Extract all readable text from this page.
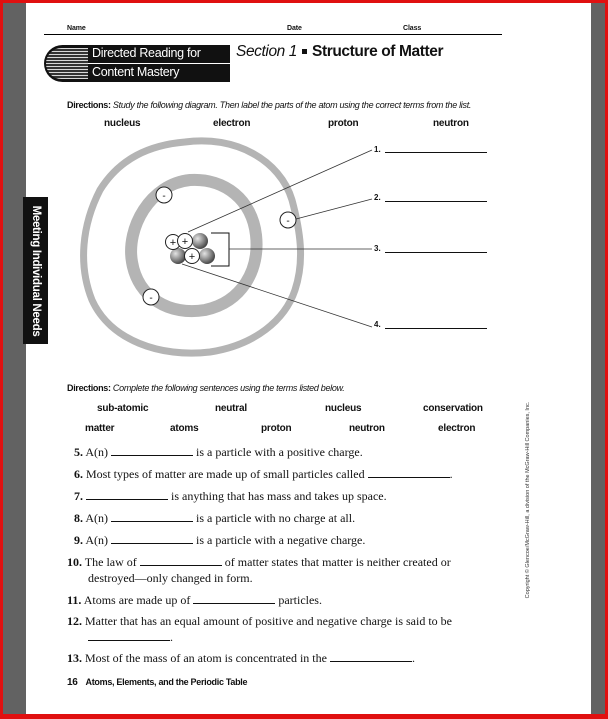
Name	Date	Class
Directed Reading for
Content Mastery
Section 1 Structure of Matter
Meeting Individual Needs
Directions: Study the following diagram. Then label the parts of the atom using the correct terms from the list.
nucleus	electron	proton	neutron
-
-
-
+ +
+
1.
2.
3.
4.
Directions: Complete the following sentences using the terms listed below.
sub-atomic	neutral	nucleus	conservation
matter	atoms	proton	neutron	electron
5. A(n)	is a particle with a positive charge.
6. Most types of matter are made up of small particles called	.
7.	is anything that has mass and takes up space.
8. A(n)	is a particle with no charge at all.
9. A(n)	is a particle with a negative charge.
10. The law of	of matter states that matter is neither created or
destroyed—only changed in form.
11. Atoms are made up of	particles.
12. Matter that has an equal amount of positive and negative charge is said to be
.
13. Most of the mass of an atom is concentrated in the	.
16 Atoms, Elements, and the Periodic Table
Copyright © Glencoe/McGraw-Hill, a division of the McGraw-Hill Companies, Inc.
